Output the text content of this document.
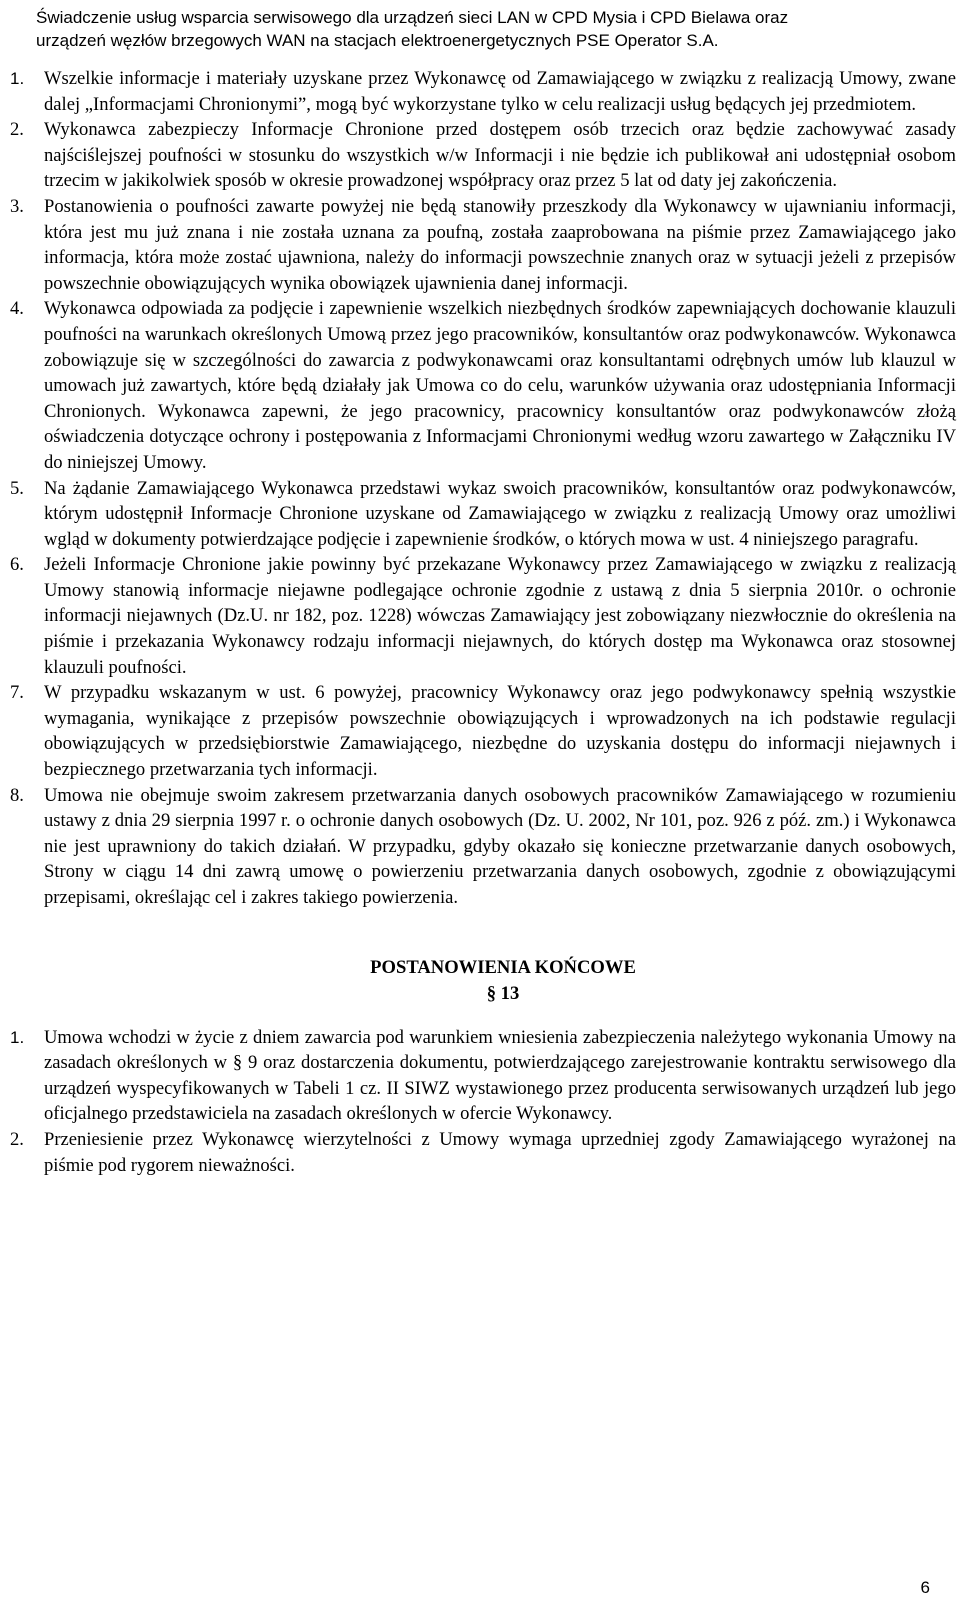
Świadczenie usług wsparcia serwisowego dla urządzeń sieci LAN w CPD Mysia i CPD Bielawa oraz
urządzeń węzłów brzegowych WAN na stacjach elektroenergetycznych PSE Operator S.A.
1. Wszelkie informacje i materiały uzyskane przez Wykonawcę od Zamawiającego w związku z realizacją Umowy, zwane dalej „Informacjami Chronionymi”, mogą być wykorzystane tylko w celu realizacji usług będących jej przedmiotem.
2. Wykonawca zabezpieczy Informacje Chronione przed dostępem osób trzecich oraz będzie zachowywać zasady najściślejszej poufności w stosunku do wszystkich w/w Informacji i nie będzie ich publikował ani udostępniał osobom trzecim w jakikolwiek sposób w okresie prowadzonej współpracy oraz przez 5 lat od daty jej zakończenia.
3. Postanowienia o poufności zawarte powyżej nie będą stanowiły przeszkody dla Wykonawcy w ujawnianiu informacji, która jest mu już znana i nie została uznana za poufną, została zaaprobowana na piśmie przez Zamawiającego jako informacja, która może zostać ujawniona, należy do informacji powszechnie znanych oraz w sytuacji jeżeli z przepisów powszechnie obowiązujących wynika obowiązek ujawnienia danej informacji.
4. Wykonawca odpowiada za podjęcie i zapewnienie wszelkich niezbędnych środków zapewniających dochowanie klauzuli poufności na warunkach określonych Umową przez jego pracowników, konsultantów oraz podwykonawców. Wykonawca zobowiązuje się w szczególności do zawarcia z podwykonawcami oraz konsultantami odrębnych umów lub klauzul w umowach już zawartych, które będą działały jak Umowa co do celu, warunków używania oraz udostępniania Informacji Chronionych. Wykonawca zapewni, że jego pracownicy, pracownicy konsultantów oraz podwykonawców złożą oświadczenia dotyczące ochrony i postępowania z Informacjami Chronionymi według wzoru zawartego w Załączniku IV do niniejszej Umowy.
5. Na żądanie Zamawiającego Wykonawca przedstawi wykaz swoich pracowników, konsultantów oraz podwykonawców, którym udostępnił Informacje Chronione uzyskane od Zamawiającego w związku z realizacją Umowy oraz umożliwi wgląd w dokumenty potwierdzające podjęcie i zapewnienie środków, o których mowa w ust. 4 niniejszego paragrafu.
6. Jeżeli Informacje Chronione jakie powinny być przekazane Wykonawcy przez Zamawiającego w związku z realizacją Umowy stanowią informacje niejawne podlegające ochronie zgodnie z ustawą z dnia 5 sierpnia 2010r. o ochronie informacji niejawnych (Dz.U. nr 182, poz. 1228) wówczas Zamawiający jest zobowiązany niezwłocznie do określenia na piśmie i przekazania Wykonawcy rodzaju informacji niejawnych, do których dostęp ma Wykonawca oraz stosownej klauzuli poufności.
7. W przypadku wskazanym w ust. 6 powyżej, pracownicy Wykonawcy oraz jego podwykonawcy spełnią wszystkie wymagania, wynikające z przepisów powszechnie obowiązujących i wprowadzonych na ich podstawie regulacji obowiązujących w przedsiębiorstwie Zamawiającego, niezbędne do uzyskania dostępu do informacji niejawnych i bezpiecznego przetwarzania tych informacji.
8. Umowa nie obejmuje swoim zakresem przetwarzania danych osobowych pracowników Zamawiającego w rozumieniu ustawy z dnia 29 sierpnia 1997 r. o ochronie danych osobowych (Dz. U. 2002, Nr 101, poz. 926 z póź. zm.) i Wykonawca nie jest uprawniony do takich działań. W przypadku, gdyby okazało się konieczne przetwarzanie danych osobowych, Strony w ciągu 14 dni zawrą umowę o powierzeniu przetwarzania danych osobowych, zgodnie z obowiązującymi przepisami, określając cel i zakres takiego powierzenia.
POSTANOWIENIA KOŃCOWE
§ 13
1. Umowa wchodzi w życie z dniem zawarcia pod warunkiem wniesienia zabezpieczenia należytego wykonania Umowy na zasadach określonych w § 9 oraz dostarczenia dokumentu, potwierdzającego zarejestrowanie kontraktu serwisowego dla urządzeń wyspecyfikowanych w Tabeli 1 cz. II SIWZ wystawionego przez producenta serwisowanych urządzeń lub jego oficjalnego przedstawiciela na zasadach określonych w ofercie Wykonawcy.
2. Przeniesienie przez Wykonawcę wierzytelności z Umowy wymaga uprzedniej zgody Zamawiającego wyrażonej na piśmie pod rygorem nieważności.
6
